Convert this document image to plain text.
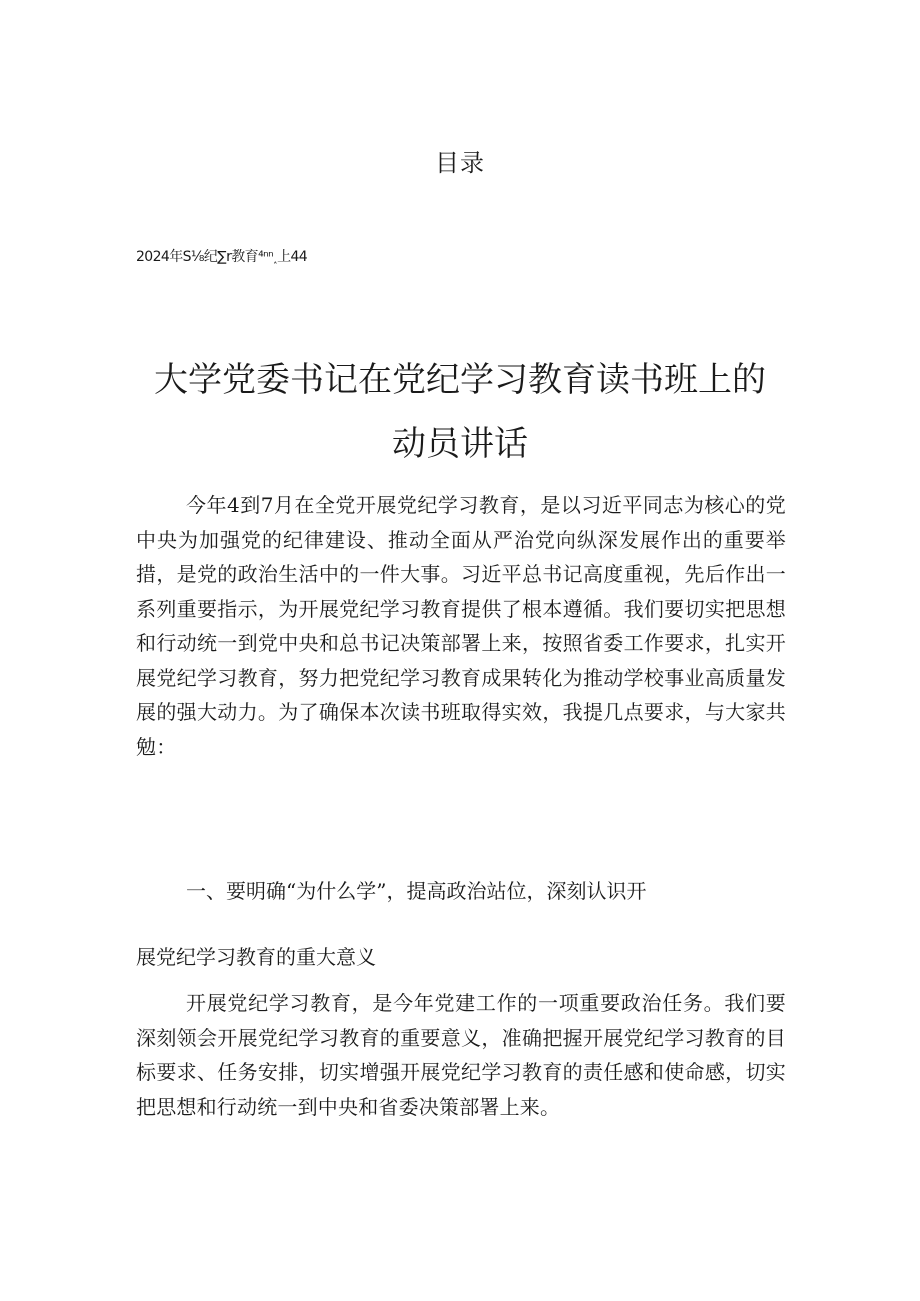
目录
2024年S⅛纪∑r教育⁴ⁿⁿ˰上44
大学党委书记在党纪学习教育读书班上的
动员讲话
今年4到7月在全党开展党纪学习教育，是以习近平同志为核心的党中央为加强党的纪律建设、推动全面从严治党向纵深发展作出的重要举措，是党的政治生活中的一件大事。习近平总书记高度重视，先后作出一系列重要指示，为开展党纪学习教育提供了根本遵循。我们要切实把思想和行动统一到党中央和总书记决策部署上来，按照省委工作要求，扎实开展党纪学习教育，努力把党纪学习教育成果转化为推动学校事业高质量发展的强大动力。为了确保本次读书班取得实效，我提几点要求，与大家共勉：
一、要明确“为什么学”，提高政治站位，深刻认识开
展党纪学习教育的重大意义
开展党纪学习教育，是今年党建工作的一项重要政治任务。我们要深刻领会开展党纪学习教育的重要意义，准确把握开展党纪学习教育的目标要求、任务安排，切实增强开展党纪学习教育的责任感和使命感，切实把思想和行动统一到中央和省委决策部署上来。
